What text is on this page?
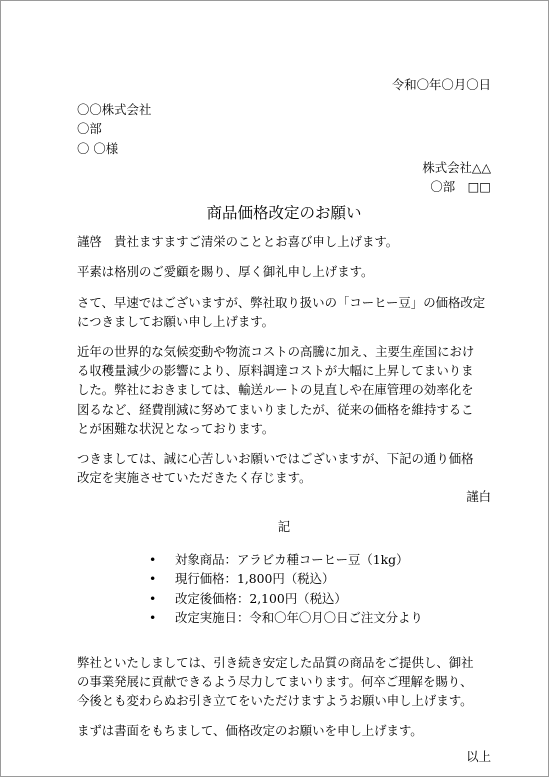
令和〇年〇月〇日

〇〇株式会社

〇部

〇 〇様

株式会社△△

〇部　□□

商品価格改定のお願い

謹啓　貴社ますますご清栄のこととお喜び申し上げます。

平素は格別のご愛顧を賜り、厚く御礼申し上げます。

さて、早速ではございますが、弊社取り扱いの「コーヒー豆」の価格改定

につきましてお願い申し上げます。

近年の世界的な気候変動や物流コストの高騰に加え、主要生産国におけ

る収穫量減少の影響により、原料調達コストが大幅に上昇してまいりま

した。弊社におきましては、輸送ルートの見直しや在庫管理の効率化を

図るなど、経費削減に努めてまいりましたが、従来の価格を維持するこ

とが困難な状況となっております。

つきましては、誠に心苦しいお願いではございますが、下記の通り価格

改定を実施させていただきたく存じます。

謹白

記
• 対象商品：アラビカ種コーヒー豆（1kg）
• 現行価格：1,800円（税込）
• 改定後価格：2,100円（税込）
• 改定実施日：令和〇年〇月〇日ご注文分より

弊社といたしましては、引き続き安定した品質の商品をご提供し、御社

の事業発展に貢献できるよう尽力してまいります。何卒ご理解を賜り、

今後とも変わらぬお引き立てをいただけますようお願い申し上げます。

まずは書面をもちまして、価格改定のお願いを申し上げます。

以上
